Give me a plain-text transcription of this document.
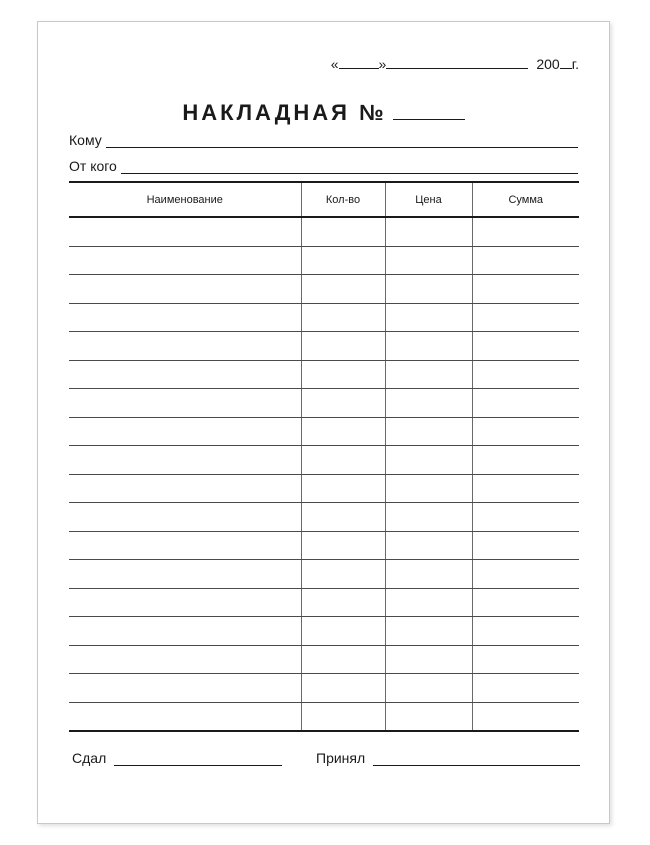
«	»	200 г.
НАКЛАДНАЯ №
Кому
От кого
Наименование	Кол-во	Цена	Сумма

Сдал	Принял
